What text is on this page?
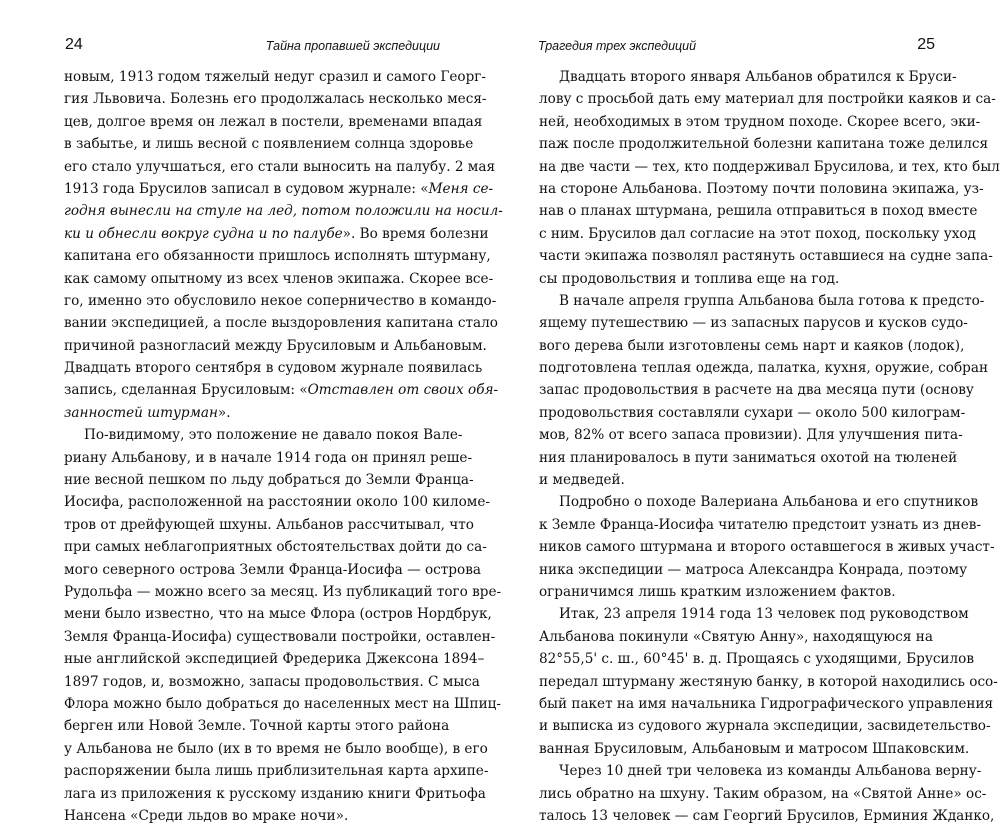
24	Тайна пропавшей экспедиции
новым, 1913 годом тяжелый недуг сразил и самого Георг-
гия Львовича. Болезнь его продолжалась несколько меся-
цев, долгое время он лежал в постели, временами впадая
в забытье, и лишь весной с появлением солнца здоровье
его стало улучшаться, его стали выносить на палубу. 2 мая
1913 года Брусилов записал в судовом журнале: «Меня се-
годня вынесли на стуле на лед, потом положили на носил-
ки и обнесли вокруг судна и по палубе». Во время болезни
капитана его обязанности пришлось исполнять штурману,
как самому опытному из всех членов экипажа. Скорее все-
го, именно это обусловило некое соперничество в командо-
вании экспедицией, а после выздоровления капитана стало
причиной разногласий между Брусиловым и Альбановым.
Двадцать второго сентября в судовом журнале появилась
запись, сделанная Брусиловым: «Отставлен от своих обя-
занностей штурман».
По-видимому, это положение не давало покоя Вале-
риану Альбанову, и в начале 1914 года он принял реше-
ние весной пешком по льду добраться до Земли Франца-
Иосифа, расположенной на расстоянии около 100 киломе-
тров от дрейфующей шхуны. Альбанов рассчитывал, что
при самых неблагоприятных обстоятельствах дойти до са-
мого северного острова Земли Франца-Иосифа — острова
Рудольфа — можно всего за месяц. Из публикаций того вре-
мени было известно, что на мысе Флора (остров Нордбрук,
Земля Франца-Иосифа) существовали постройки, оставлен-
ные английской экспедицией Фредерика Джексона 1894–
1897 годов, и, возможно, запасы продовольствия. С мыса
Флора можно было добраться до населенных мест на Шпиц-
берген или Новой Земле. Точной карты этого района
у Альбанова не было (их в то время не было вообще), в его
распоряжении была лишь приблизительная карта архипе-
лага из приложения к русскому изданию книги Фритьофа
Нансена «Среди льдов во мраке ночи».
Трагедия трех экспедиций	25
Двадцать второго января Альбанов обратился к Бруси-
лову с просьбой дать ему материал для постройки каяков и са-
ней, необходимых в этом трудном походе. Скорее всего, эки-
паж после продолжительной болезни капитана тоже делился
на две части — тех, кто поддерживал Брусилова, и тех, кто был
на стороне Альбанова. Поэтому почти половина экипажа, уз-
нав о планах штурмана, решила отправиться в поход вместе
с ним. Брусилов дал согласие на этот поход, поскольку уход
части экипажа позволял растянуть оставшиеся на судне запа-
сы продовольствия и топлива еще на год.
В начале апреля группа Альбанова была готова к предсто-
ящему путешествию — из запасных парусов и кусков судо-
вого дерева были изготовлены семь нарт и каяков (лодок),
подготовлена теплая одежда, палатка, кухня, оружие, собран
запас продовольствия в расчете на два месяца пути (основу
продовольствия составляли сухари — около 500 килограм-
мов, 82% от всего запаса провизии). Для улучшения пита-
ния планировалось в пути заниматься охотой на тюленей
и медведей.
Подробно о походе Валериана Альбанова и его спутников
к Земле Франца-Иосифа читателю предстоит узнать из днев-
ников самого штурмана и второго оставшегося в живых участ-
ника экспедиции — матроса Александра Конрада, поэтому
ограничимся лишь кратким изложением фактов.
Итак, 23 апреля 1914 года 13 человек под руководством
Альбанова покинули «Святую Анну», находящуюся на
82°55,5' с. ш., 60°45' в. д. Прощаясь с уходящими, Брусилов
передал штурману жестяную банку, в которой находились осо-
бый пакет на имя начальника Гидрографического управления
и выписка из судового журнала экспедиции, засвидетельство-
ванная Брусиловым, Альбановым и матросом Шпаковским.
Через 10 дней три человека из команды Альбанова верну-
лись обратно на шхуну. Таким образом, на «Святой Анне» ос-
талось 13 человек — сам Георгий Брусилов, Ерминия Жданко,
